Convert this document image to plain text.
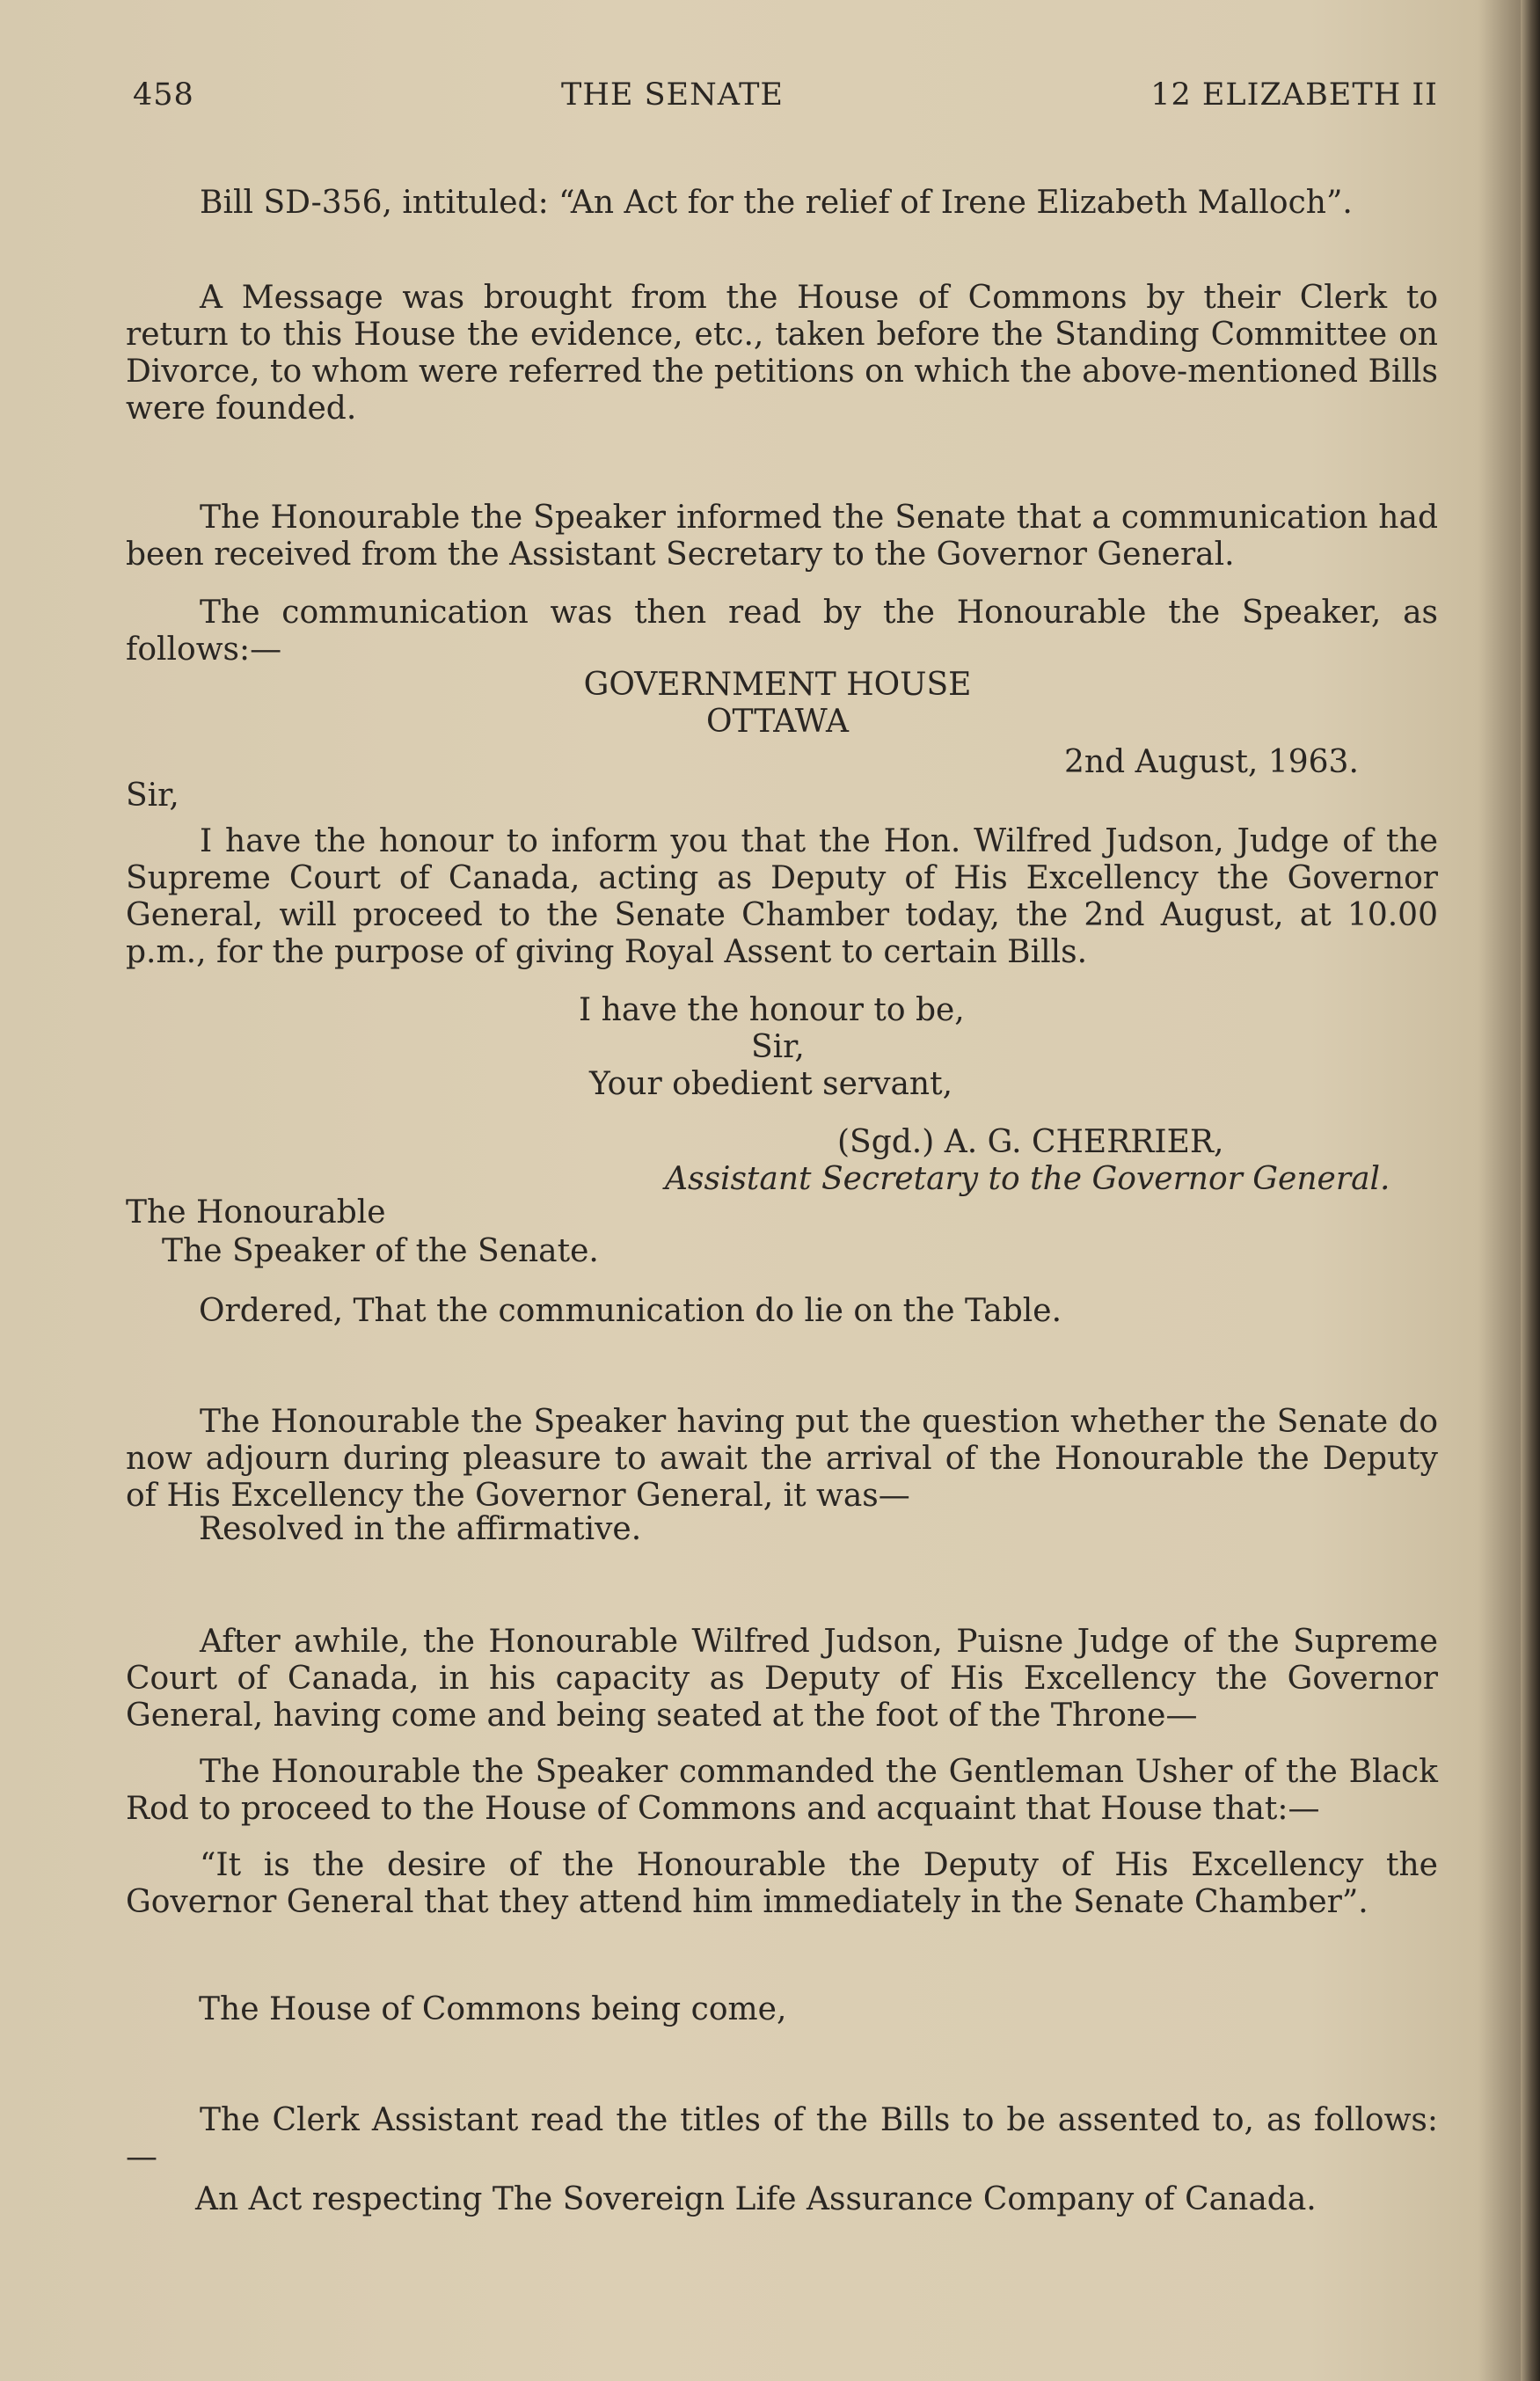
458	THE SENATE	12 ELIZABETH II

Bill SD-356, intituled: “An Act for the relief of Irene Elizabeth Malloch”.

A Message was brought from the House of Commons by their Clerk to return to this House the evidence, etc., taken before the Standing Committee on Divorce, to whom were referred the petitions on which the above-mentioned Bills were founded.

The Honourable the Speaker informed the Senate that a communication had been received from the Assistant Secretary to the Governor General.

The communication was then read by the Honourable the Speaker, as follows:—

GOVERNMENT HOUSE
OTTAWA
2nd August, 1963.
Sir,

I have the honour to inform you that the Hon. Wilfred Judson, Judge of the Supreme Court of Canada, acting as Deputy of His Excellency the Governor General, will proceed to the Senate Chamber today, the 2nd August, at 10.00 p.m., for the purpose of giving Royal Assent to certain Bills.

I have the honour to be,
Sir,
Your obedient servant,
(Sgd.) A. G. CHERRIER,
Assistant Secretary to the Governor General.
The Honourable
The Speaker of the Senate.
Ordered, That the communication do lie on the Table.

The Honourable the Speaker having put the question whether the Senate do now adjourn during pleasure to await the arrival of the Honourable the Deputy of His Excellency the Governor General, it was—

Resolved in the affirmative.

After awhile, the Honourable Wilfred Judson, Puisne Judge of the Supreme Court of Canada, in his capacity as Deputy of His Excellency the Governor General, having come and being seated at the foot of the Throne—

The Honourable the Speaker commanded the Gentleman Usher of the Black Rod to proceed to the House of Commons and acquaint that House that:—

“It is the desire of the Honourable the Deputy of His Excellency the Governor General that they attend him immediately in the Senate Chamber”.

The House of Commons being come,

The Clerk Assistant read the titles of the Bills to be assented to, as follows:—

An Act respecting The Sovereign Life Assurance Company of Canada.
